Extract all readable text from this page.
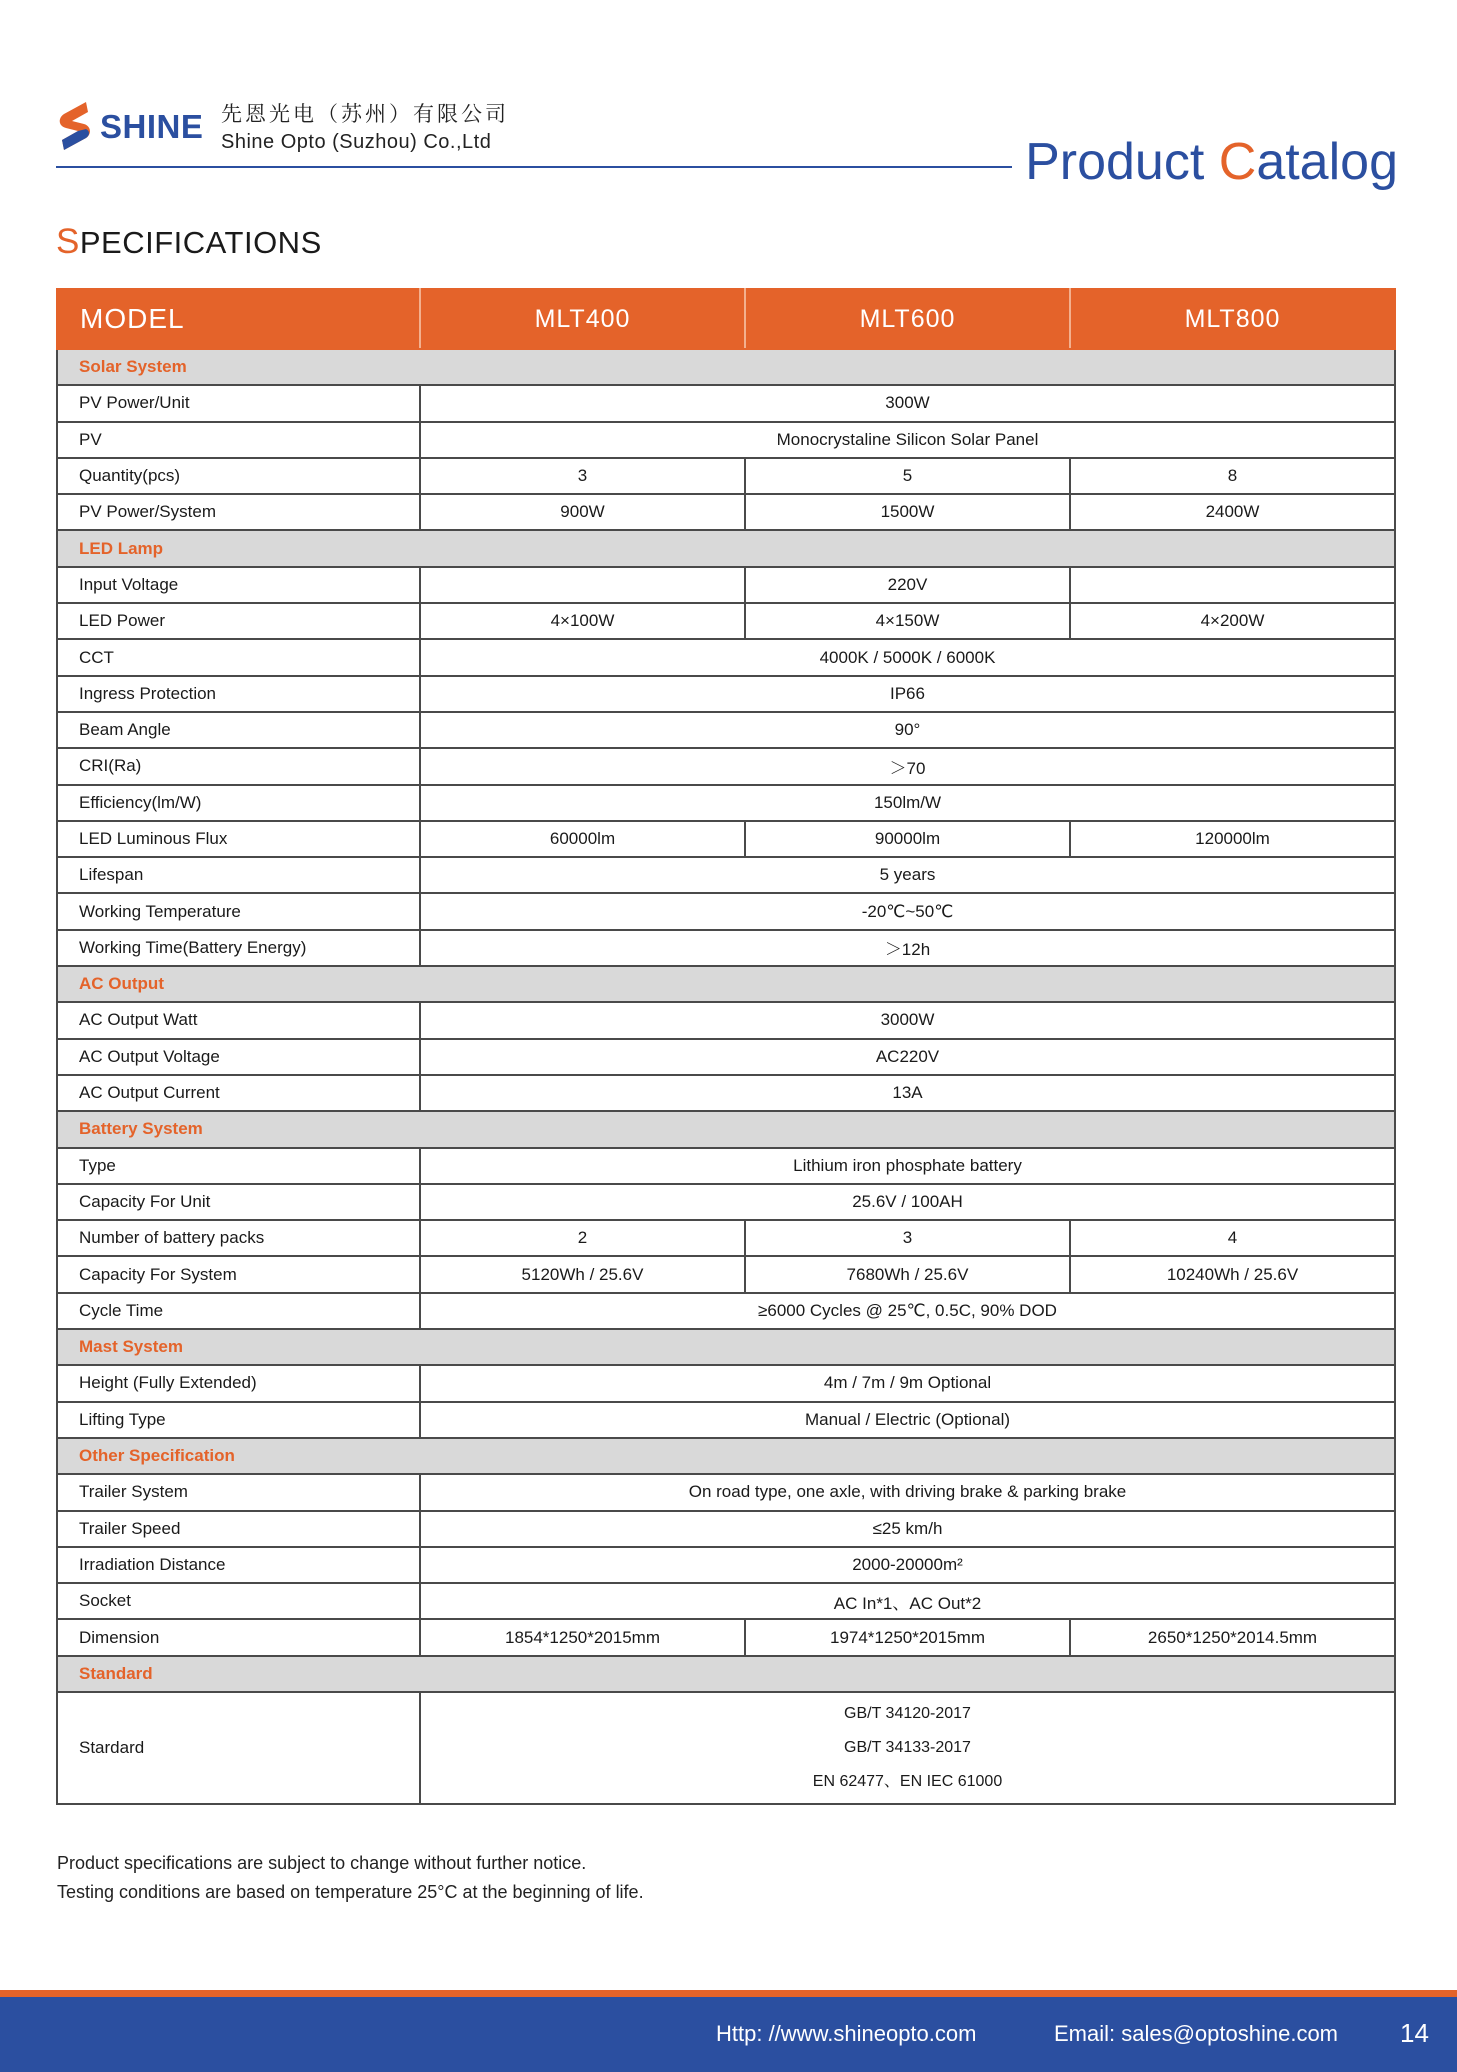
SHINE 先恩光电（苏州）有限公司
Shine Opto (Suzhou) Co.,Ltd	Product Catalog
SPECIFICATIONS
MODEL	MLT400	MLT600	MLT800
Solar System			
PV Power/Unit	300W		
PV	Monocrystaline Silicon Solar Panel		
Quantity(pcs)	3	5	8
PV Power/System	900W	1500W	2400W
LED Lamp			
Input Voltage		220V	
LED Power	4×100W	4×150W	4×200W
CCT	4000K / 5000K / 6000K		
Ingress Protection	IP66		
Beam Angle	90°		
CRI(Ra)	＞70		
Efficiency(lm/W)	150lm/W		
LED Luminous Flux	60000lm	90000lm	120000lm
Lifespan	5 years		
Working Temperature	-20℃~50℃		
Working Time(Battery Energy)	＞12h		
AC Output			
AC Output Watt	3000W		
AC Output Voltage	AC220V		
AC Output Current	13A		
Battery System			
Type	Lithium iron phosphate battery		
Capacity For Unit	25.6V / 100AH		
Number of battery packs	2	3	4
Capacity For System	5120Wh / 25.6V	7680Wh / 25.6V	10240Wh / 25.6V
Cycle Time	≥6000 Cycles @ 25℃, 0.5C, 90% DOD		
Mast System			
Height (Fully Extended)	4m / 7m / 9m Optional		
Lifting Type	Manual / Electric (Optional)		
Other Specification			
Trailer System	On road type, one axle, with driving brake & parking brake		
Trailer Speed	≤25 km/h		
Irradiation Distance	2000-20000m²		
Socket	AC In*1、AC Out*2		
Dimension	1854*1250*2015mm	1974*1250*2015mm	2650*1250*2014.5mm
Standard			
Stardard	GB/T 34120-2017
GB/T 34133-2017
EN 62477、EN IEC 61000		
Product specifications are subject to change without further notice.
Testing conditions are based on temperature 25°C at the beginning of life.
Http: //www.shineopto.com	Email: sales@optoshine.com 14
